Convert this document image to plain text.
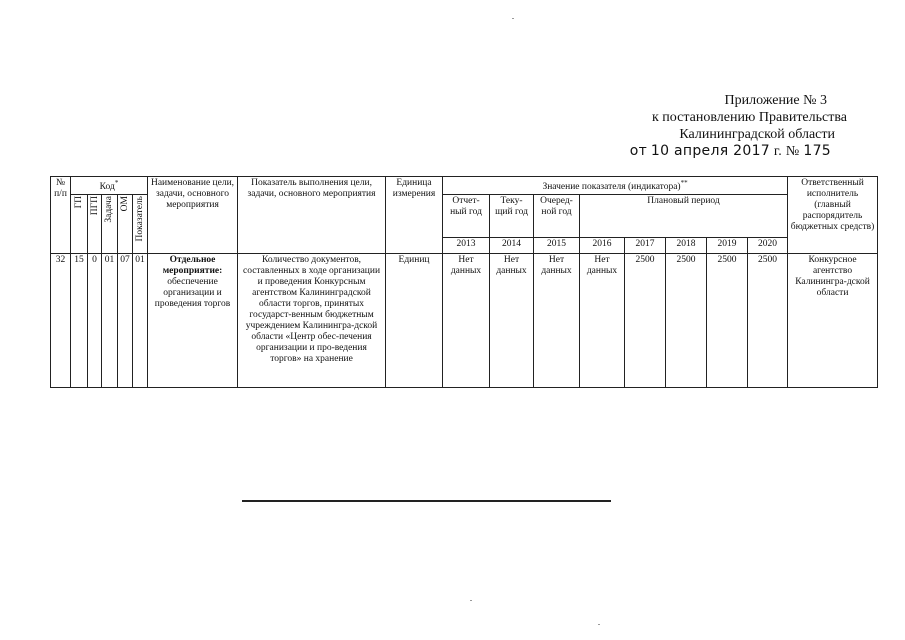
Приложение № 3
к постановлению Правительства
Калининградской области
от 10 апреля 2017 г. № 175
№ п/п	Код*					Наименование цели, задачи, основного мероприятия	Показатель выполнения цели, задачи, основного мероприятия	Единица измерения	Значение показателя (индикатора)**								Ответственный исполнитель (главный распорядитель бюджетных средств)
	ГП	ПГП	Задача	ОМ	Показатель				Отчет-ный год	Теку-щий год	Очеред-ной год	Плановый период					
									2013	2014	2015	2016	2017	2018	2019	2020	
32	15	0	01	07	01	Отдельное мероприятие: обеспечение организации и проведения торгов	Количество документов, составленных в ходе организации и проведения Конкурсным агентством Калининградской области торгов, принятых государст-венным бюджетным учреждением Калинингра-дской области «Центр обес-печения организации и про-ведения торгов» на хранение	Единиц	Нет данных	Нет данных	Нет данных	Нет данных	2500	2500	2500	2500	Конкурсное агентство Калинингра-дской области
